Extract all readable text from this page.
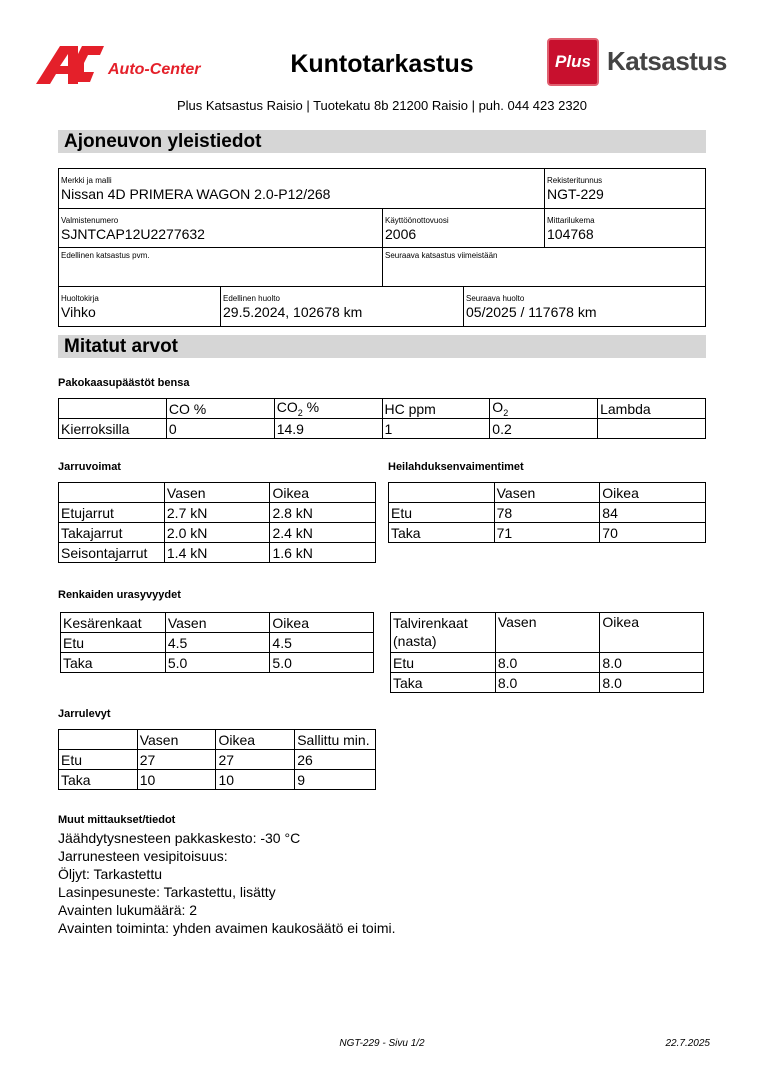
Auto-Center	Kuntotarkastus	Plus Katsastus
Plus Katsastus Raisio | Tuotekatu 8b 21200 Raisio | puh. 044 423 2320
Ajoneuvon yleistiedot
Merkki ja malli
Nissan 4D PRIMERA WAGON 2.0-P12/268
Rekisteritunnus
NGT-229
Valmistenumero
SJNTCAP12U2277632
Käyttöönottovuosi
2006
Mittarilukema
104768
Edellinen katsastus pvm.	Seuraava katsastus viimeistään
Huoltokirja
Vihko
Edellinen huolto
29.5.2024, 102678 km
Seuraava huolto
05/2025 / 117678 km
Mitatut arvot
Pakokaasupäästöt bensa
	CO %	$CO_2$ %	HC ppm	$O_2$	Lambda
Kierroksilla	0	14.9	1	0.2	
Jarruvoimat
	Vasen	Oikea
Etujarrut	2.7 kN	2.8 kN
Takajarrut	2.0 kN	2.4 kN
Seisontajarrut	1.4 kN	1.6 kN
Heilahduksenvaimentimet
	Vasen	Oikea
Etu	78	84
Taka	71	70
Renkaiden urasyvyydet
Kesärenkaat	Vasen	Oikea
Etu	4.5	4.5
Taka	5.0	5.0
Talvirenkaat (nasta)	Vasen	Oikea
Etu	8.0	8.0
Taka	8.0	8.0
Jarrulevyt
	Vasen	Oikea	Sallittu min.
Etu	27	27	26
Taka	10	10	9
Muut mittaukset/tiedot
Jäähdytysnesteen pakkaskesto: -30 °C
Jarrunesteen vesipitoisuus:
Öljyt: Tarkastettu
Lasinpesuneste: Tarkastettu, lisätty
Avainten lukumäärä: 2
Avainten toiminta: yhden avaimen kaukosäätö ei toimi.
NGT-229 - Sivu 1/2	22.7.2025
